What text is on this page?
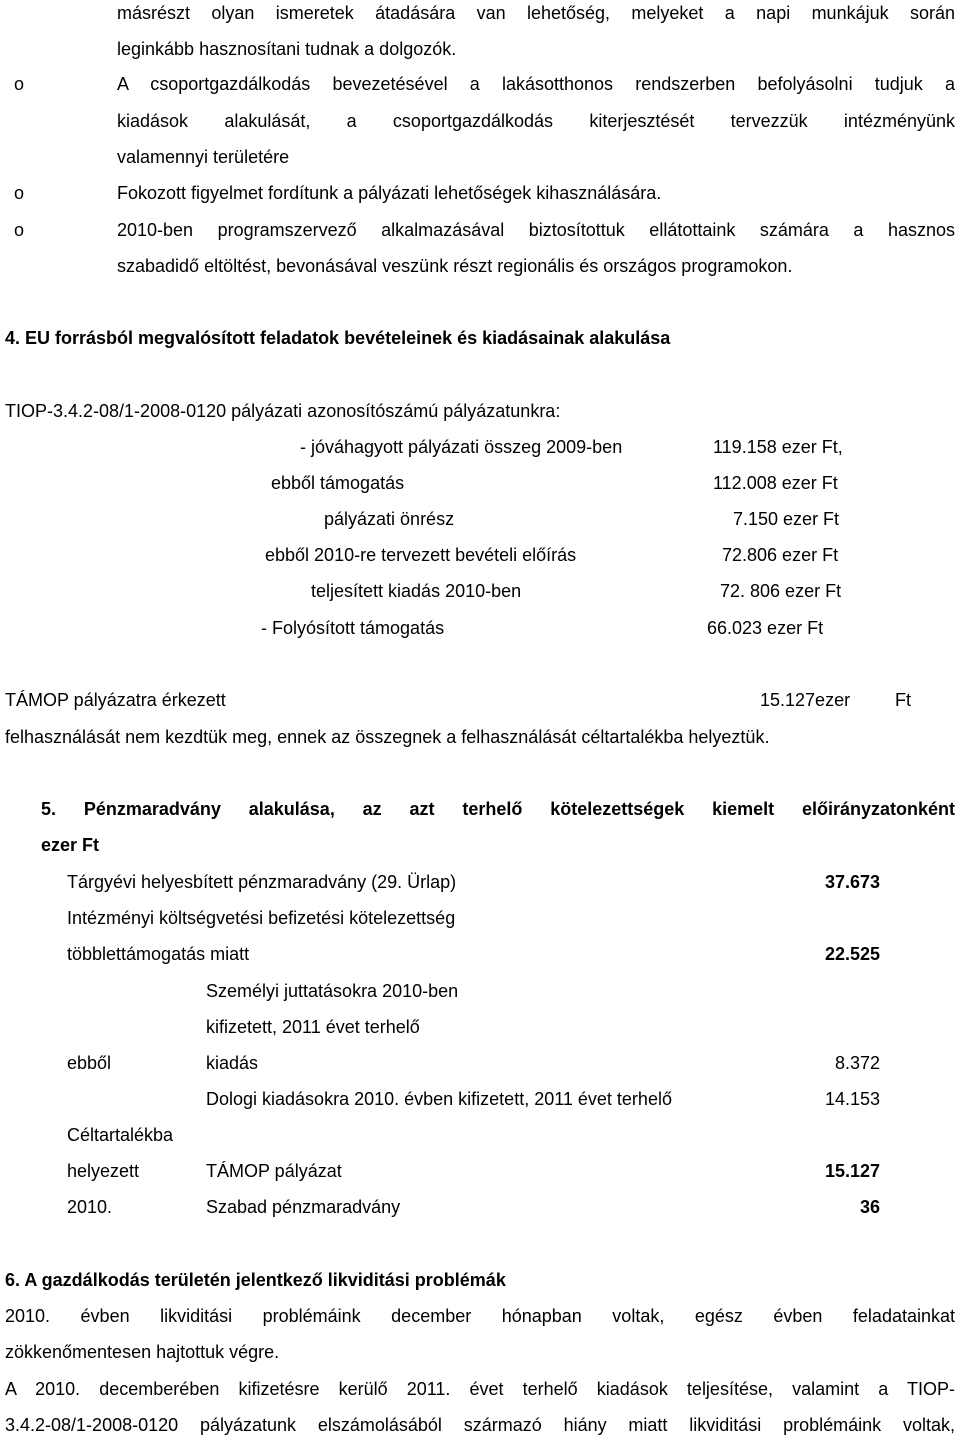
másrészt olyan ismeretek átadására van lehetőség, melyeket a napi munkájuk során
leginkább hasznosítani tudnak a dolgozók.
o	A csoportgazdálkodás bevezetésével a lakásotthonos rendszerben befolyásolni tudjuk a
kiadások alakulását, a csoportgazdálkodás kiterjesztését tervezzük intézményünk
valamennyi területére
o	Fokozott figyelmet fordítunk a pályázati lehetőségek kihasználására.
o	2010-ben programszervező alkalmazásával biztosítottuk ellátottaink számára a hasznos
szabadidő eltöltést, bevonásával veszünk részt regionális és országos programokon.
4. EU forrásból megvalósított feladatok bevételeinek és kiadásainak alakulása
TIOP-3.4.2-08/1-2008-0120 pályázati azonosítószámú pályázatunkra:
- jóváhagyott pályázati összeg 2009-ben	119.158 ezer Ft,
ebből támogatás	112.008 ezer Ft
pályázati önrész	7.150 ezer Ft
ebből 2010-re tervezett bevételi előírás	72.806 ezer Ft
teljesített kiadás 2010-ben	72. 806 ezer Ft
- Folyósított támogatás	66.023 ezer Ft
TÁMOP pályázatra érkezett	15.127ezer Ft
felhasználását nem kezdtük meg, ennek az összegnek a felhasználását céltartalékba helyeztük.
5. Pénzmaradvány alakulása, az azt terhelő kötelezettségek kiemelt előirányzatonként
ezer Ft
Tárgyévi helyesbített pénzmaradvány (29. Ürlap)	37.673
Intézményi költségvetési befizetési kötelezettség
többlettámogatás miatt	22.525
Személyi juttatásokra 2010-ben
kifizetett, 2011 évet terhelő
ebből	kiadás	8.372
Dologi kiadásokra 2010. évben kifizetett, 2011 évet terhelő	14.153
Céltartalékba
helyezett	TÁMOP pályázat	15.127
2010.	Szabad pénzmaradvány	36
6. A gazdálkodás területén jelentkező likviditási problémák
2010. évben likviditási problémáink december hónapban voltak, egész évben feladatainkat
zökkenőmentesen hajtottuk végre.
A 2010. decemberében kifizetésre kerülő 2011. évet terhelő kiadások teljesítése, valamint a TIOP-
3.4.2-08/1-2008-0120 pályázatunk elszámolásából származó hiány miatt likviditási problémáink voltak,
